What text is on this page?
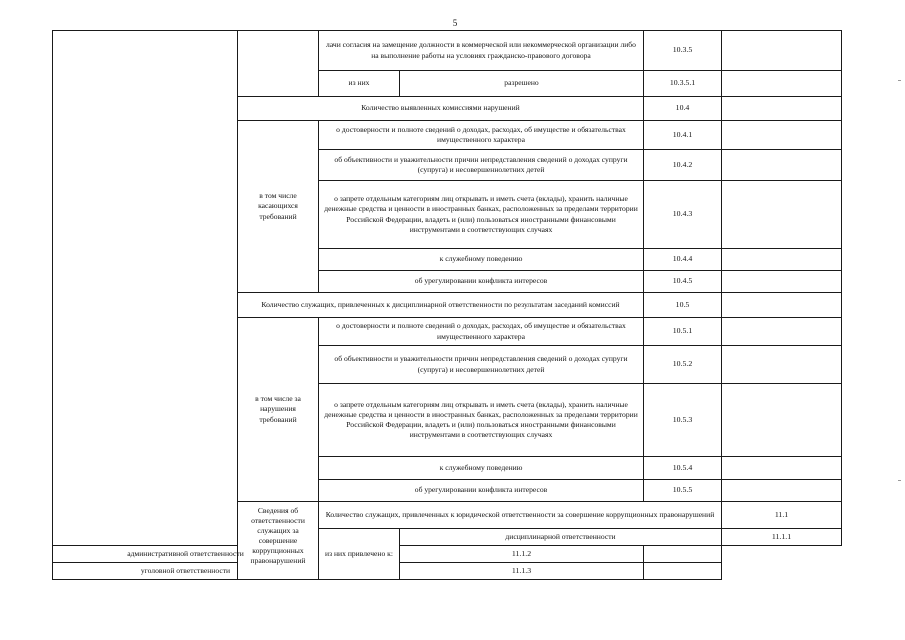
5
		лачи согласия на замещение должности в коммерческой или некоммерческой организации либо на выполнение работы на условиях гражданско-правового договора		10.3.5		
		из них	разрешено	10.3.5.1		
	Количество выявленных комиссиями нарушений			10.4		
	в том числе касающихся требований	о достоверности и полноте сведений о доходах, расходах, об имуществе и обязательствах имущественного характера		10.4.1		
		об объективности и уважительности причин непредставления сведений о доходах супруги (супруга) и несовершеннолетних детей		10.4.2		
		о запрете отдельным категориям лиц открывать и иметь счета (вклады), хранить наличные денежные средства и ценности в иностранных банках, расположенных за пределами территории Российской Федерации, владеть и (или) пользоваться иностранными финансовыми инструментами в соответствующих случаях		10.4.3		
		к служебному поведению		10.4.4		
		об урегулировании конфликта интересов		10.4.5		
	Количество служащих, привлеченных к дисциплинарной ответственности по результатам заседаний комиссий			10.5		
	в том числе за нарушения требований	о достоверности и полноте сведений о доходах, расходах, об имуществе и обязательствах имущественного характера		10.5.1		
		об объективности и уважительности причин непредставления сведений о доходах супруги (супруга) и несовершеннолетних детей		10.5.2		
		о запрете отдельным категориям лиц открывать и иметь счета (вклады), хранить наличные денежные средства и ценности в иностранных банках, расположенных за пределами территории Российской Федерации, владеть и (или) пользоваться иностранными финансовыми инструментами в соответствующих случаях		10.5.3		
		к служебному поведению		10.5.4		
		об урегулировании конфликта интересов		10.5.5		
	Сведения об ответственности служащих за совершение коррупционных правонарушений	Количество служащих, привлеченных к юридической ответственности за совершение коррупционных правонарушений			11.1	
		из них привлечено к:	дисциплинарной ответственности		11.1.1	
административной ответственности			11.1.2			
уголовной ответственности			11.1.3			
